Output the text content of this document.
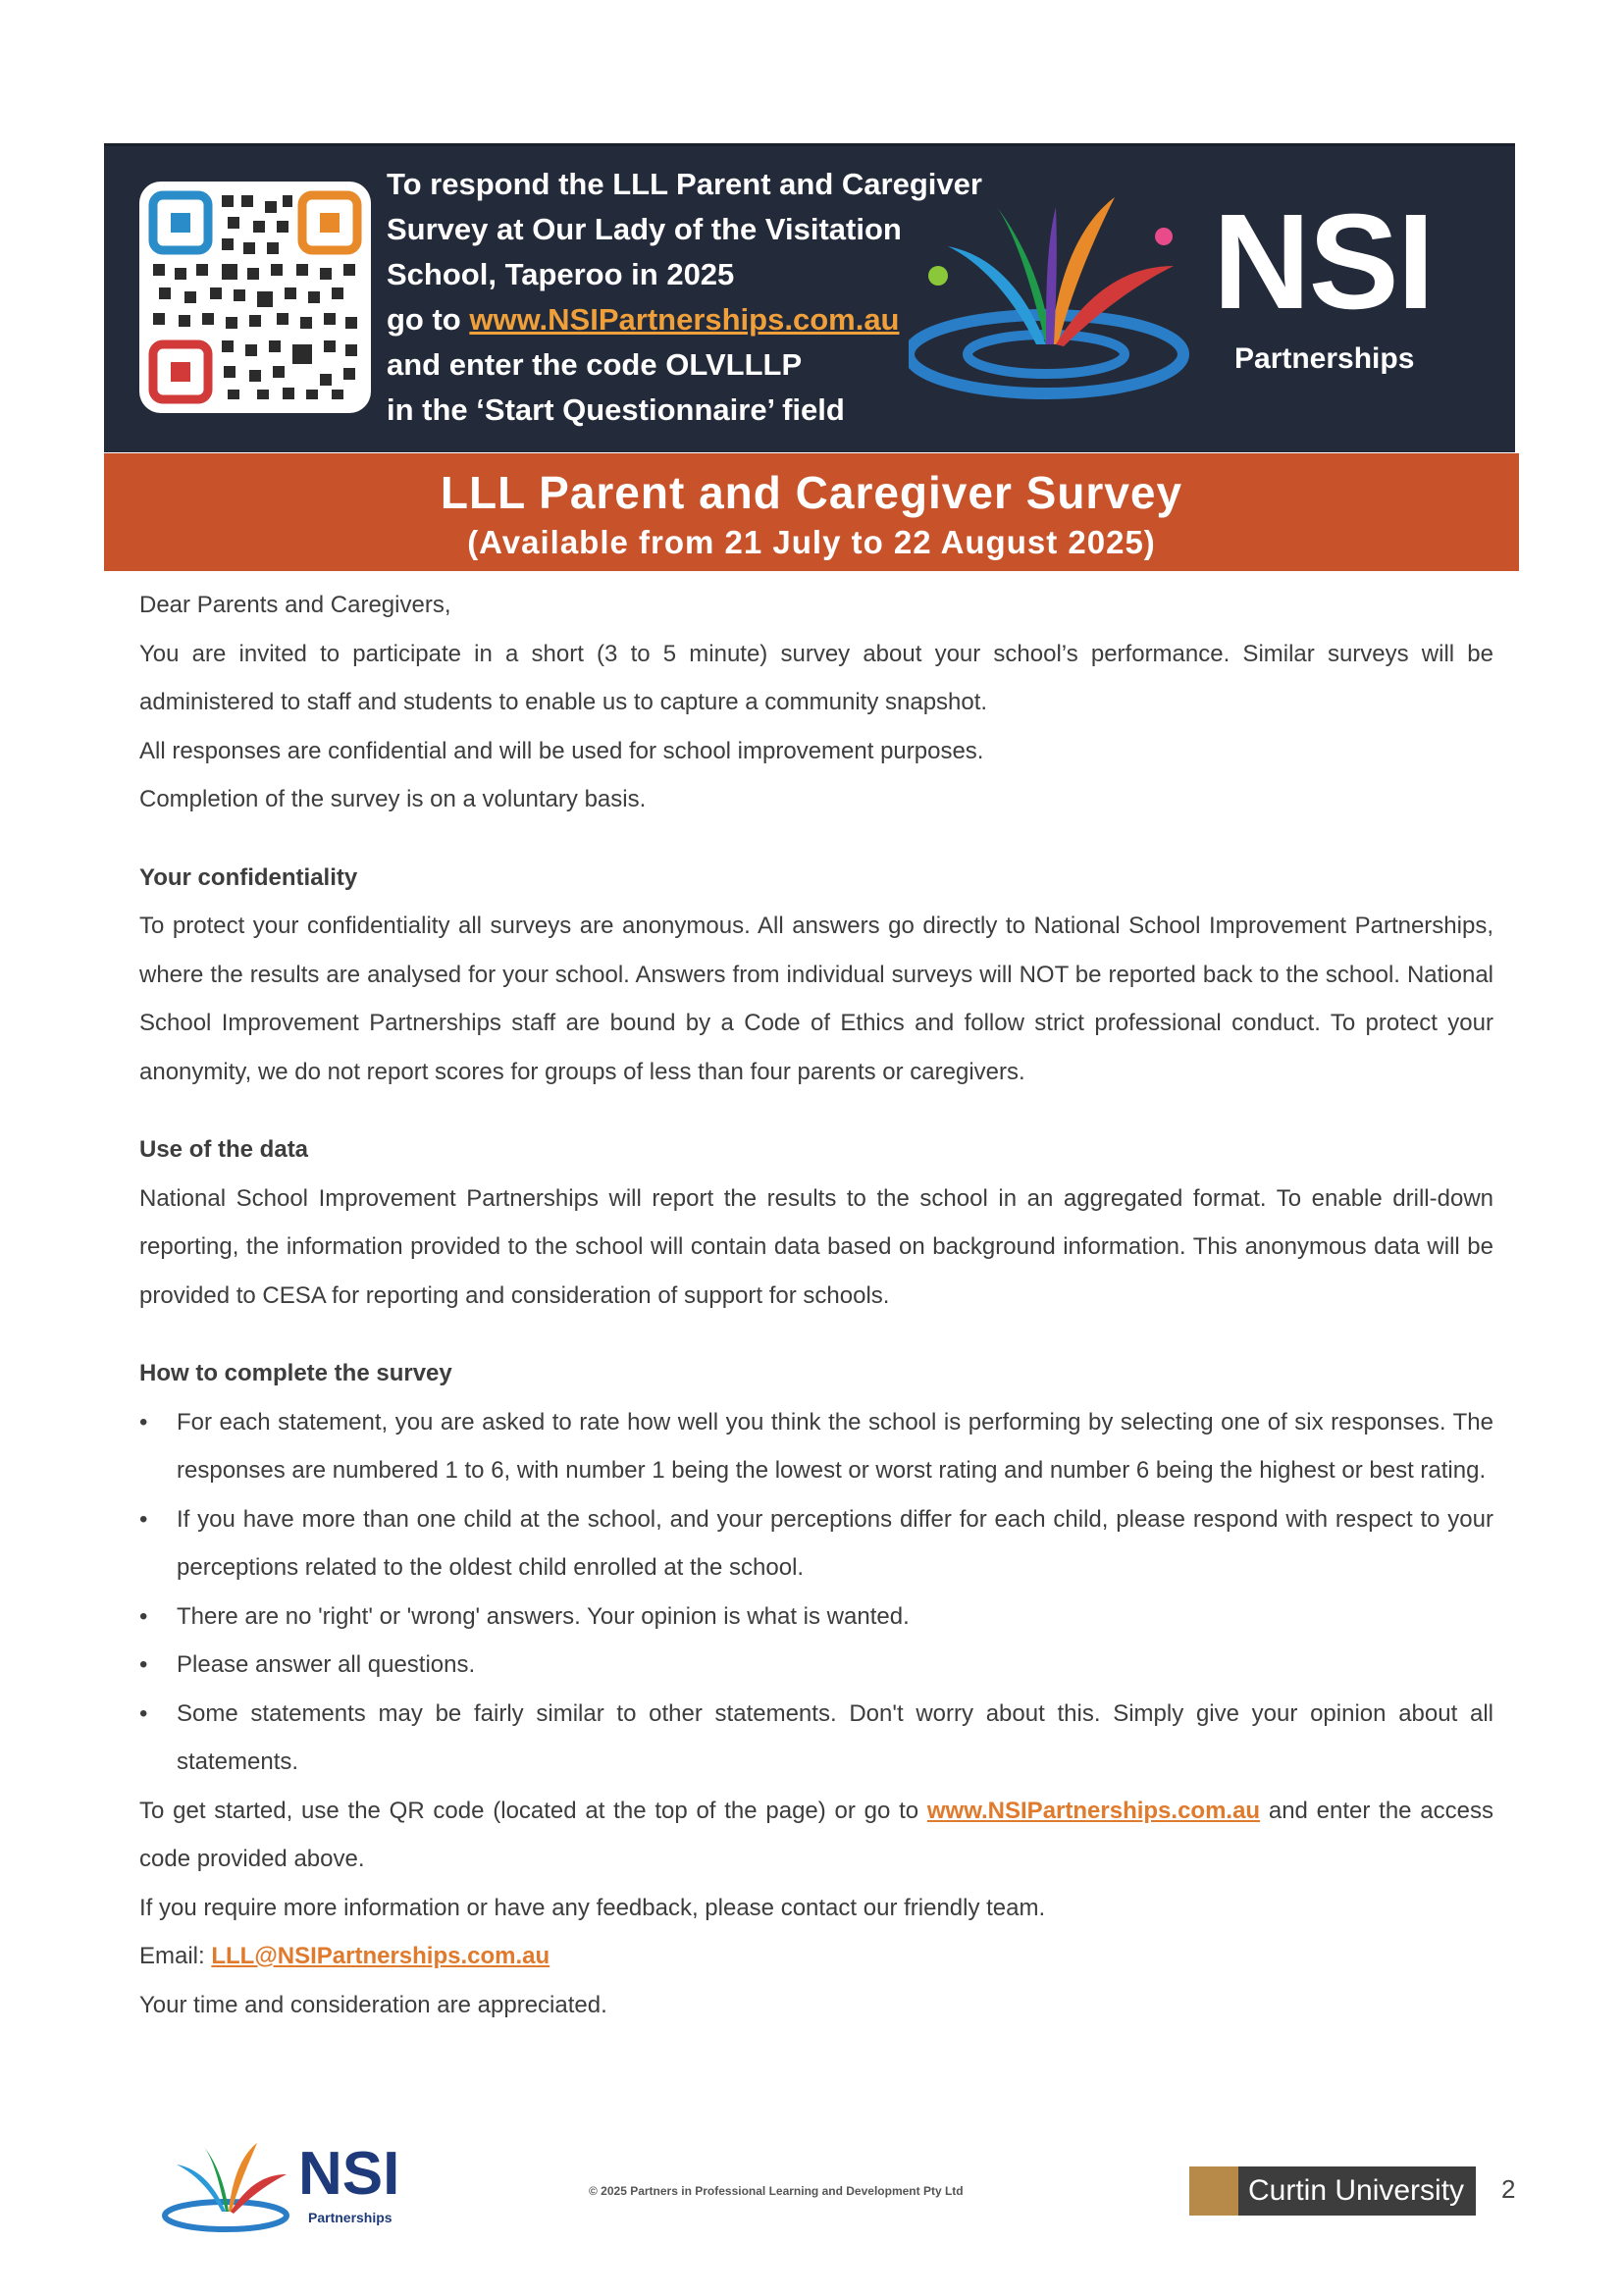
To respond the LLL Parent and Caregiver
Survey at Our Lady of the Visitation
School, Taperoo in 2025
go to www.NSIPartnerships.com.au
and enter the code OLVLLLP
in the ‘Start Questionnaire’ field
NSI
Partnerships
LLL Parent and Caregiver Survey
(Available from 21 July to 22 August 2025)

Dear Parents and Caregivers,

You are invited to participate in a short (3 to 5 minute) survey about your school’s performance. Similar surveys will be administered to staff and students to enable us to capture a community snapshot.

All responses are confidential and will be used for school improvement purposes.

Completion of the survey is on a voluntary basis.

Your confidentiality

To protect your confidentiality all surveys are anonymous. All answers go directly to National School Improvement Partnerships, where the results are analysed for your school. Answers from individual surveys will NOT be reported back to the school. National School Improvement Partnerships staff are bound by a Code of Ethics and follow strict professional conduct. To protect your anonymity, we do not report scores for groups of less than four parents or caregivers.

Use of the data

National School Improvement Partnerships will report the results to the school in an aggregated format. To enable drill-down reporting, the information provided to the school will contain data based on background information. This anonymous data will be provided to CESA for reporting and consideration of support for schools.

How to complete the survey

• For each statement, you are asked to rate how well you think the school is performing by selecting one of six responses. The responses are numbered 1 to 6, with number 1 being the lowest or worst rating and number 6 being the highest or best rating.
• If you have more than one child at the school, and your perceptions differ for each child, please respond with respect to your perceptions related to the oldest child enrolled at the school.
• There are no 'right' or 'wrong' answers. Your opinion is what is wanted.
• Please answer all questions.
• Some statements may be fairly similar to other statements. Don't worry about this. Simply give your opinion about all statements.

To get started, use the QR code (located at the top of the page) or go to www.NSIPartnerships.com.au and enter the access code provided above.

If you require more information or have any feedback, please contact our friendly team.

Email: LLL@NSIPartnerships.com.au

Your time and consideration are appreciated.

NSI
Partnerships
© 2025 Partners in Professional Learning and Development Pty Ltd	Curtin University 2
